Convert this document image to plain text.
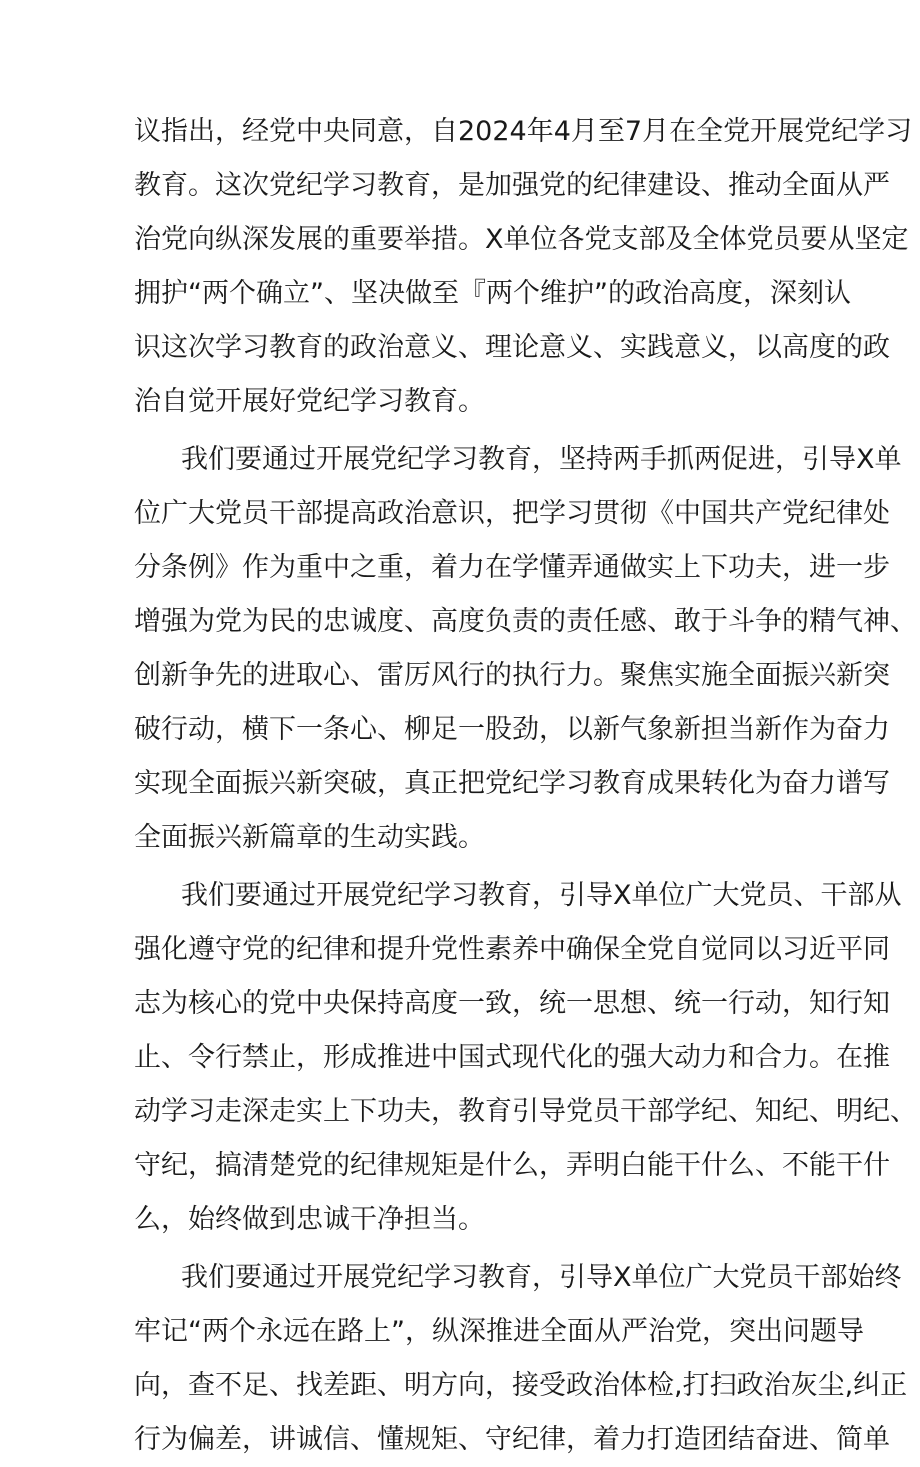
议指出，经党中央同意，自2024年4月至7月在全党开展党纪学习
教育。这次党纪学习教育，是加强党的纪律建设、推动全面从严
治党向纵深发展的重要举措。X单位各党支部及全体党员要从坚定
拥护“两个确立”、坚决做至『两个维护”的政治高度，深刻认
识这次学习教育的政治意义、理论意义、实践意义，以高度的政
治自觉开展好党纪学习教育。
我们要通过开展党纪学习教育，坚持两手抓两促进，引导X单
位广大党员干部提高政治意识，把学习贯彻《中国共产党纪律处
分条例》作为重中之重，着力在学懂弄通做实上下功夫，进一步
增强为党为民的忠诚度、高度负责的责任感、敢于斗争的精气神、
创新争先的进取心、雷厉风行的执行力。聚焦实施全面振兴新突
破行动，横下一条心、柳足一股劲，以新气象新担当新作为奋力
实现全面振兴新突破，真正把党纪学习教育成果转化为奋力谱写
全面振兴新篇章的生动实践。
我们要通过开展党纪学习教育，引导X单位广大党员、干部从
强化遵守党的纪律和提升党性素养中确保全党自觉同以习近平同
志为核心的党中央保持高度一致，统一思想、统一行动，知行知
止、令行禁止，形成推进中国式现代化的强大动力和合力。在推
动学习走深走实上下功夫，教育引导党员干部学纪、知纪、明纪、
守纪，搞清楚党的纪律规矩是什么，弄明白能干什么、不能干什
么，始终做到忠诚干净担当。
我们要通过开展党纪学习教育，引导X单位广大党员干部始终
牢记“两个永远在路上”，纵深推进全面从严治党，突出问题导
向，查不足、找差距、明方向，接受政治体检,打扫政治灰尘,纠正
行为偏差，讲诚信、懂规矩、守纪律，着力打造团结奋进、简单
